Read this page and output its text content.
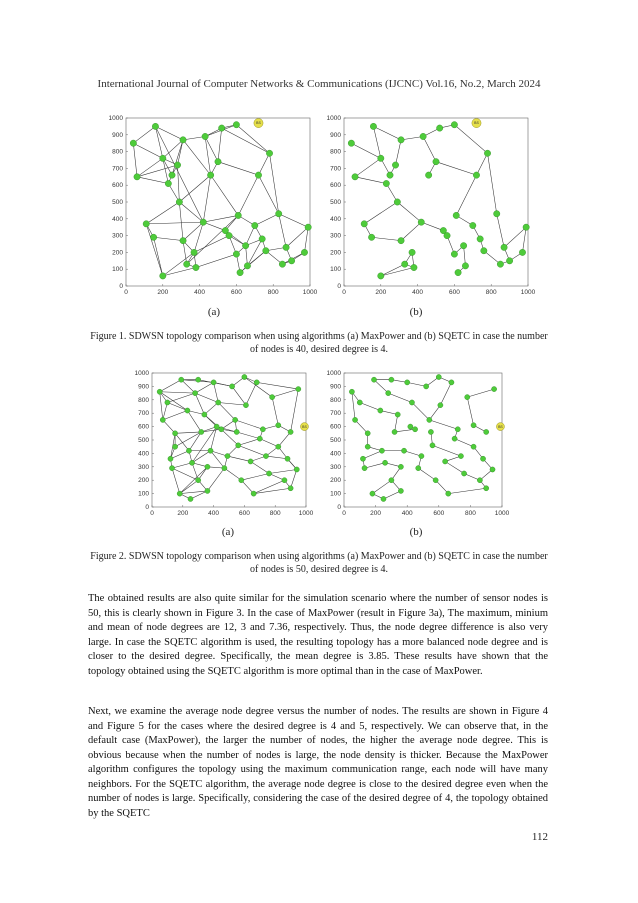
International Journal of Computer Networks & Communications (IJCNC) Vol.16, No.2, March 2024
0	200	400	600	800	1000
0
100
200
300
400
500
600
700
800
900
1000
BS
0	200	400	600	800	1000
0
100
200
300
400
500
600
700
800
900
1000
BS
(a)	(b)
Figure 1. SDWSN topology comparison when using algorithms (a) MaxPower and (b) SQETC in case the number of nodes is 40, desired degree is 4.
0	200	400	600	800	1000
0
100
200
300
400
500
600
700
800
900
1000
BS
0	200	400	600	800	1000
0
100
200
300
400
500
600
700
800
900
1000
BS
(a)	(b)
Figure 2. SDWSN topology comparison when using algorithms (a) MaxPower and (b) SQETC in case the number of nodes is 50, desired degree is 4.

The obtained results are also quite similar for the simulation scenario where the number of sensor nodes is 50, this is clearly shown in Figure 3. In the case of MaxPower (result in Figure 3a), The maximum, minium and mean of node degrees are 12, 3 and 7.36, respectively. Thus, the node degree difference is also very large. In case the SQETC algorithm is used, the resulting topology has a more balanced node degree and is closer to the desired degree. Specifically, the mean degree is 3.85. These results have shown that the topology obtained using the SQETC algorithm is more optimal than in the case of MaxPower.

Next, we examine the average node degree versus the number of nodes. The results are shown in Figure 4 and Figure 5 for the cases where the desired degree is 4 and 5, respectively. We can observe that, in the default case (MaxPower), the larger the number of nodes, the higher the average node degree. This is obvious because when the number of nodes is large, the node density is thicker. Because the MaxPower algorithm configures the topology using the maximum communication range, each node will have many neighbors. For the SQETC algorithm, the average node degree is close to the desired degree even when the number of nodes is large. Specifically, considering the case of the desired degree of 4, the topology obtained by the SQETC

112
